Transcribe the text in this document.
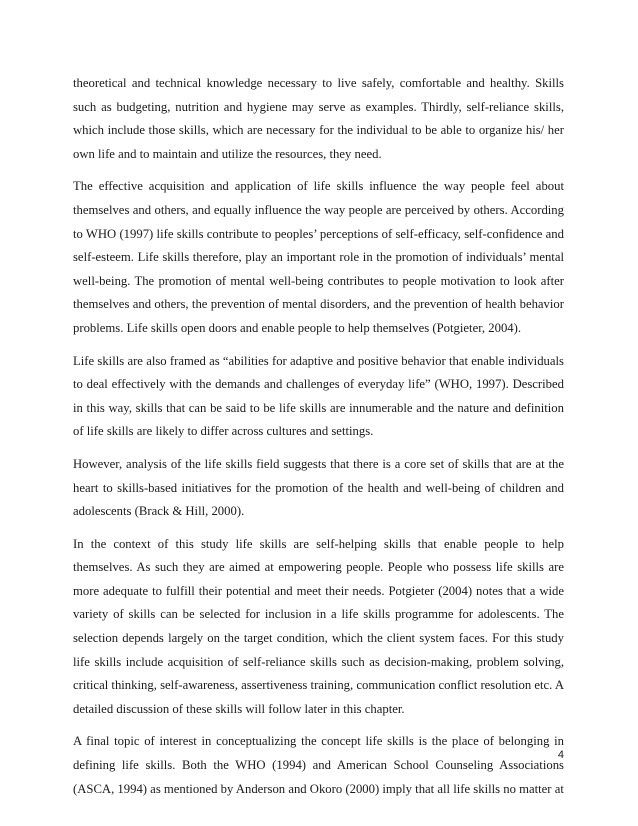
theoretical and technical knowledge necessary to live safely, comfortable and healthy. Skills such as budgeting, nutrition and hygiene may serve as examples. Thirdly, self-reliance skills, which include those skills, which are necessary for the individual to be able to organize his/ her own life and to maintain and utilize the resources, they need.

The effective acquisition and application of life skills influence the way people feel about themselves and others, and equally influence the way people are perceived by others. According to WHO (1997) life skills contribute to peoples’ perceptions of self-efficacy, self-confidence and self-esteem. Life skills therefore, play an important role in the promotion of individuals’ mental well-being. The promotion of mental well-being contributes to people motivation to look after themselves and others, the prevention of mental disorders, and the prevention of health behavior problems. Life skills open doors and enable people to help themselves (Potgieter, 2004).

Life skills are also framed as “abilities for adaptive and positive behavior that enable individuals to deal effectively with the demands and challenges of everyday life” (WHO, 1997). Described in this way, skills that can be said to be life skills are innumerable and the nature and definition of life skills are likely to differ across cultures and settings.

However, analysis of the life skills field suggests that there is a core set of skills that are at the heart to skills-based initiatives for the promotion of the health and well-being of children and adolescents (Brack & Hill, 2000).

In the context of this study life skills are self-helping skills that enable people to help themselves. As such they are aimed at empowering people. People who possess life skills are more adequate to fulfill their potential and meet their needs. Potgieter (2004) notes that a wide variety of skills can be selected for inclusion in a life skills programme for adolescents. The selection depends largely on the target condition, which the client system faces. For this study life skills include acquisition of self-reliance skills such as decision-making, problem solving, critical thinking, self-awareness, assertiveness training, communication conflict resolution etc. A detailed discussion of these skills will follow later in this chapter.

A final topic of interest in conceptualizing the concept life skills is the place of belonging in defining life skills. Both the WHO (1994) and American School Counseling Associations (ASCA, 1994) as mentioned by Anderson and Okoro (2000) imply that all life skills no matter at

4
